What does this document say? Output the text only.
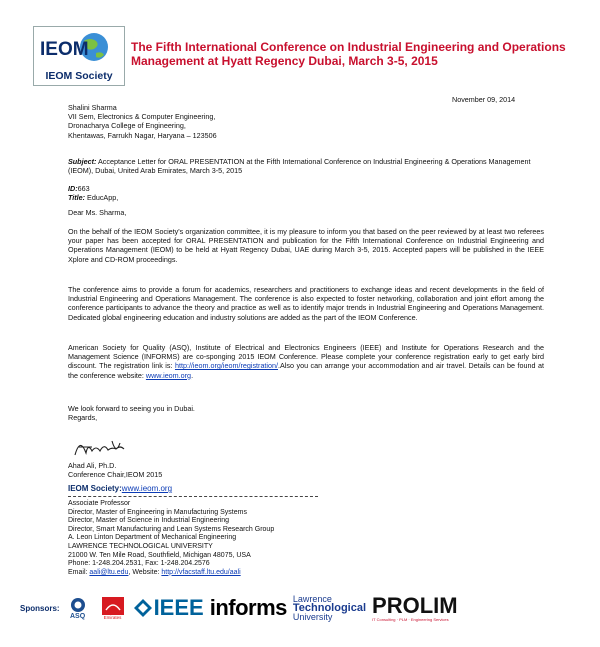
IEOM
IEOM Society
The Fifth International Conference on Industrial Engineering and Operations Management at Hyatt Regency Dubai, March 3-5, 2015
November 09, 2014
Shalini Sharma
VII Sem, Electronics & Computer Engineering,
Dronacharya College of Engineering,
Khentawas, Farrukh Nagar, Haryana – 123506
Subject: Acceptance Letter for ORAL PRESENTATION at the Fifth International Conference on Industrial Engineering & Operations Management (IEOM), Dubai, United Arab Emirates, March 3-5, 2015
ID:663
Title: EducApp,
Dear Ms. Sharma,
On the behalf of the IEOM Society's organization committee, it is my pleasure to inform you that based on the peer reviewed by at least two referees your paper has been accepted for ORAL PRESENTATION and publication for the Fifth International Conference on Industrial Engineering and Operations Management (IEOM) to be held at Hyatt Regency Dubai, UAE during March 3-5, 2015. Accepted papers will be published in the IEEE Xplore and CD-ROM proceedings.
The conference aims to provide a forum for academics, researchers and practitioners to exchange ideas and recent developments in the field of Industrial Engineering and Operations Management. The conference is also expected to foster networking, collaboration and joint effort among the conference participants to advance the theory and practice as well as to identify major trends in Industrial Engineering and Operations Management. Dedicated global engineering education and industry solutions are added as the part of the IEOM Conference.
American Society for Quality (ASQ), Institute of Electrical and Electronics Engineers (IEEE) and Institute for Operations Research and the Management Science (INFORMS) are co-sponging 2015 IEOM Conference. Please complete your conference registration early to get early bird discount. The registration link is: http://ieom.org/ieom/registration/.Also you can arrange your accommodation and air travel. Details can be found at the conference website: www.ieom.org.
We look forward to seeing you in Dubai.
Regards,
Ahad Ali, Ph.D.
Conference Chair,IEOM 2015
IEOM Society:www.ieom.org
Associate Professor
Director, Master of Engineering in Manufacturing Systems
Director, Master of Science in Industrial Engineering
Director, Smart Manufacturing and Lean Systems Research Group
A. Leon Linton Department of Mechanical Engineering
LAWRENCE TECHNOLOGICAL UNIVERSITY
21000 W. Ten Mile Road, Southfield, Michigan 48075, USA
Phone: 1-248.204.2531, Fax: 1-248.204.2576
Email: aali@ltu.edu, Website: http://vfacstaff.ltu.edu/aali
Sponsors:
ASQ	Emirates IEEE informs Lawrence
Technological
University PROLIM
IT Consulting · PLM · Engineering Services
